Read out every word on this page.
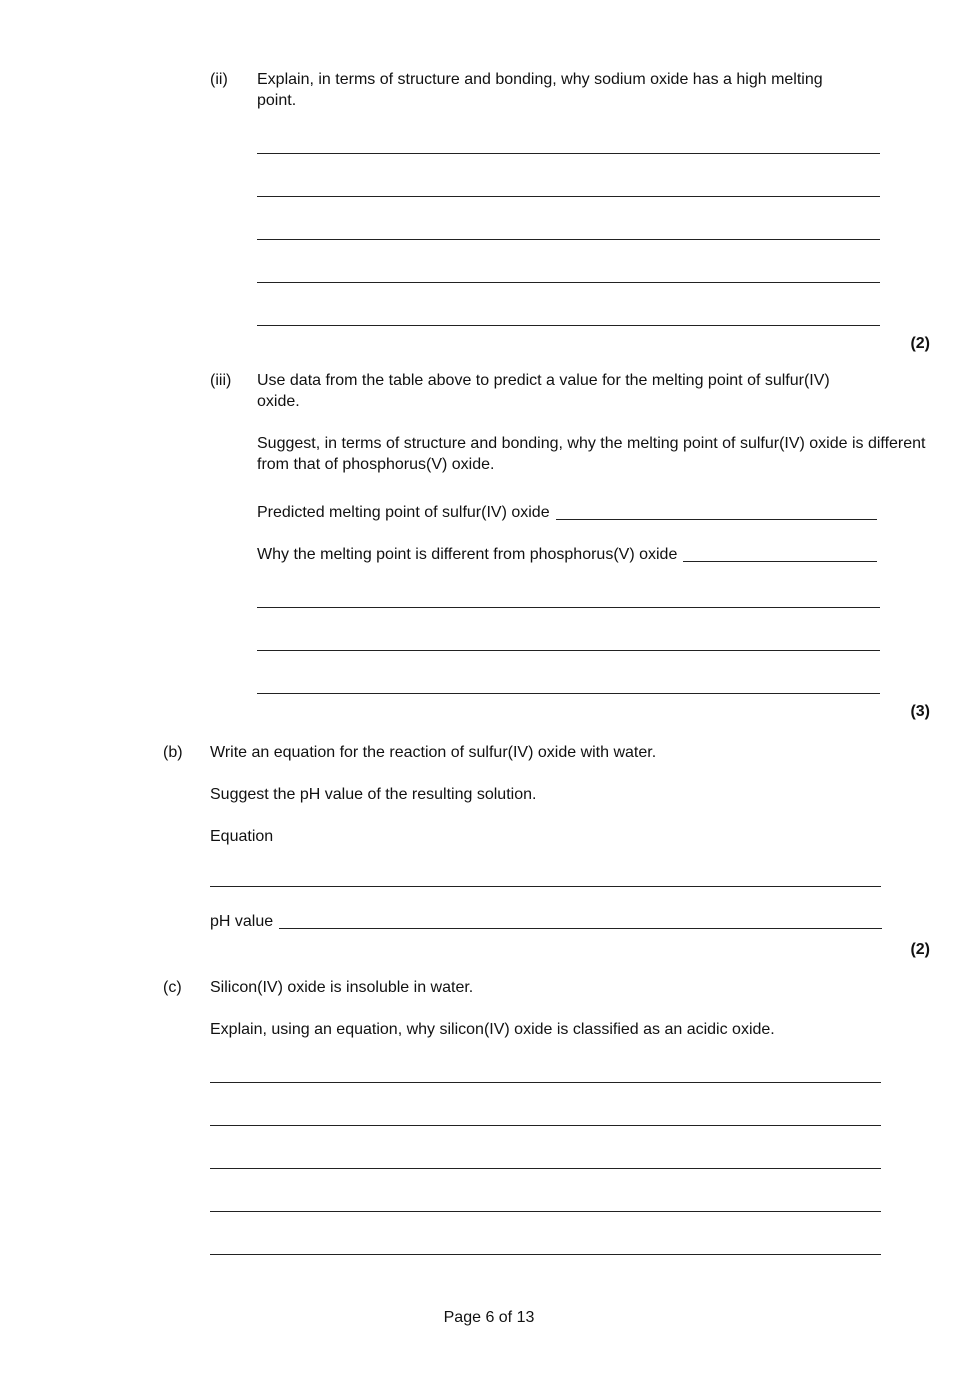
(ii)	Explain, in terms of structure and bonding, why sodium oxide has a high melting point.

(2)
(iii)	Use data from the table above to predict a value for the melting point of sulfur(IV) oxide.

Suggest, in terms of structure and bonding, why the melting point of sulfur(IV) oxide is different from that of phosphorus(V) oxide.

Predicted melting point of sulfur(IV) oxide
Why the melting point is different from phosphorus(V) oxide
(3)
(b)	Write an equation for the reaction of sulfur(IV) oxide with water.

Suggest the pH value of the resulting solution.

Equation

pH value
(2)
(c)	Silicon(IV) oxide is insoluble in water.

Explain, using an equation, why silicon(IV) oxide is classified as an acidic oxide.

Page 6 of 13
